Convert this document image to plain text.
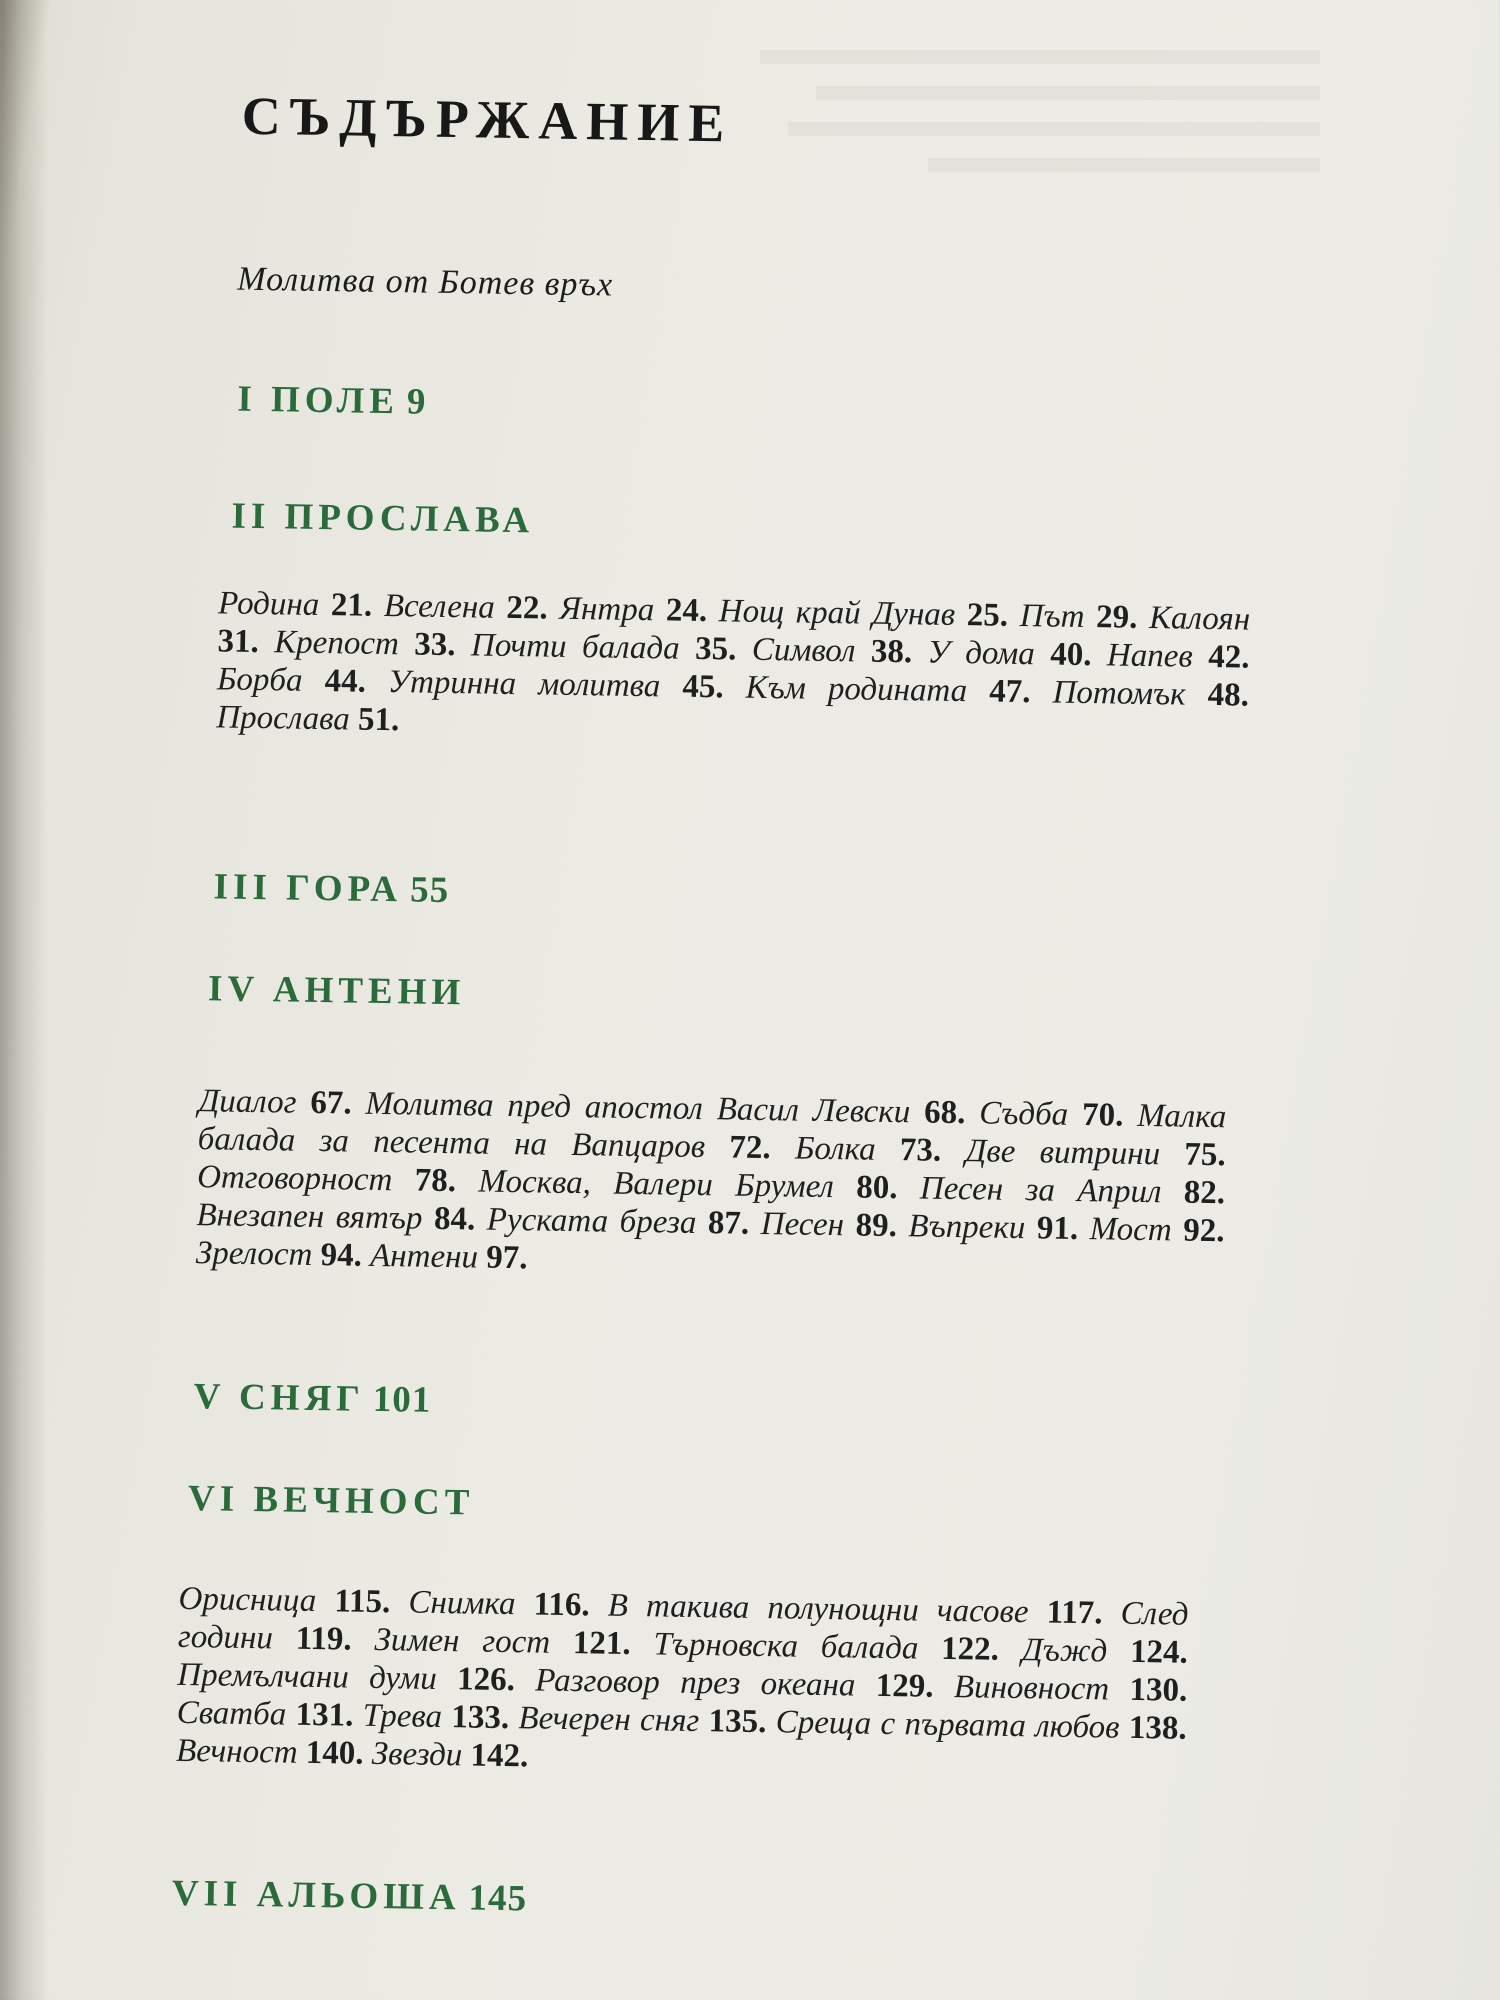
СЪДЪРЖАНИЕ
Молитва от Ботев връх
I ПОЛЕ 9
II ПРОСЛАВА
Родина 21. Вселена 22. Янтра 24. Нощ край Дунав 25. Път 29. Калоян 31. Крепост 33. Почти балада 35. Символ 38. У дома 40. Напев 42. Борба 44. Утринна молитва 45. Към родината 47. Потомък 48. Прослава 51.
III ГОРА 55
IV АНТЕНИ
Диалог 67. Молитва пред апостол Васил Левски 68. Съдба 70. Малка балада за песента на Вапцаров 72. Болка 73. Две витрини 75. Отговорност 78. Москва, Валери Брумел 80. Песен за Април 82. Внезапен вятър 84. Руската бреза 87. Песен 89. Въпреки 91. Мост 92. Зрелост 94. Антени 97.
V СНЯГ 101
VI ВЕЧНОСТ
Орисница 115. Снимка 116. В такива полунощни часове 117. След години 119. Зимен гост 121. Търновска балада 122. Дъжд 124. Премълчани думи 126. Разговор през океана 129. Виновност 130. Сватба 131. Трева 133. Вечерен сняг 135. Среща с първата любов 138. Вечност 140. Звезди 142.
VII АЛЬОША 145
